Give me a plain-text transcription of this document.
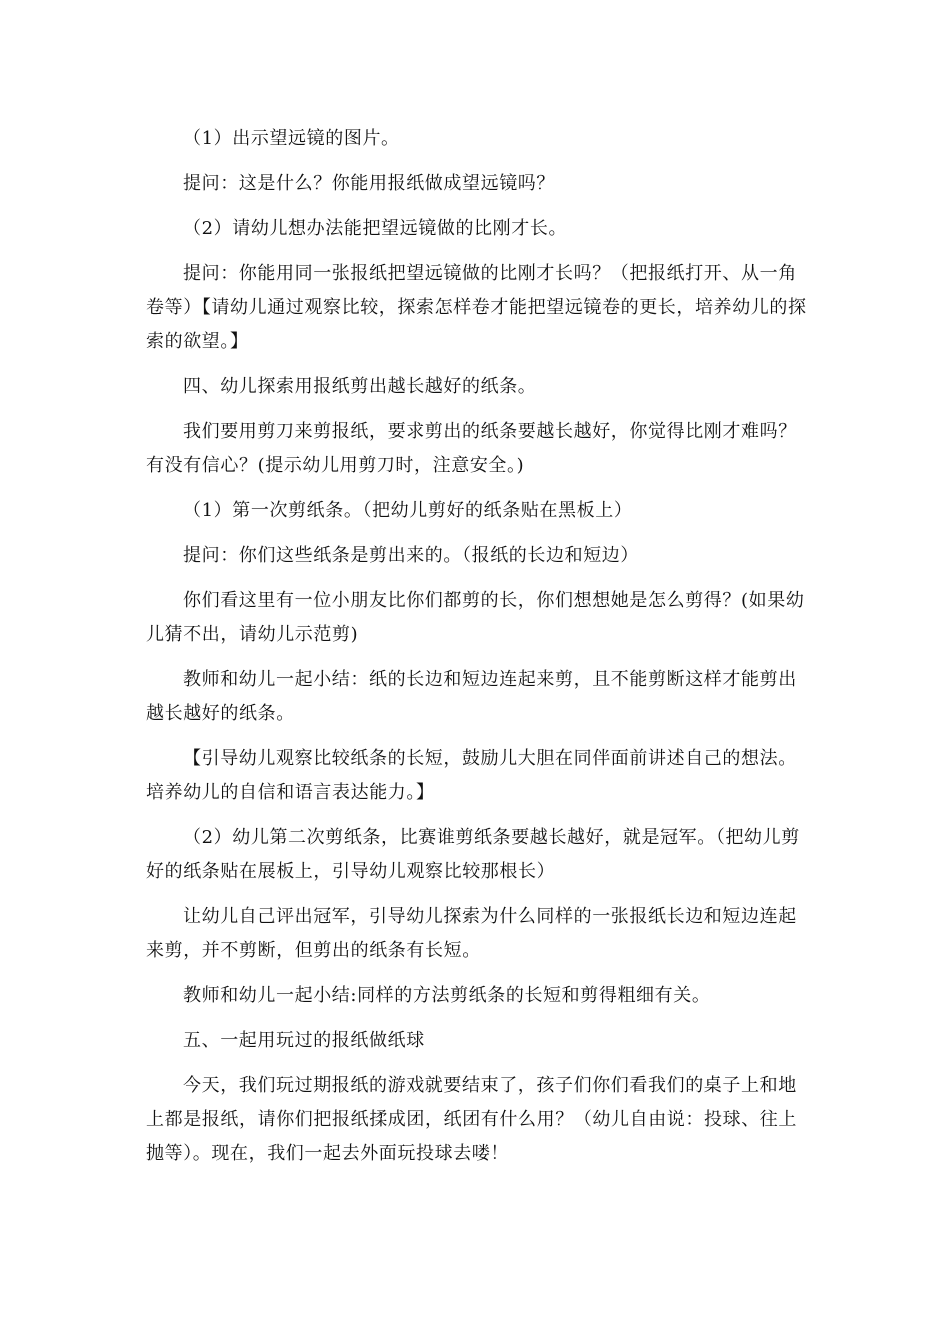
（1）出示望远镜的图片。

提问：这是什么？你能用报纸做成望远镜吗？

（2）请幼儿想办法能把望远镜做的比刚才长。

提问：你能用同一张报纸把望远镜做的比刚才长吗？（把报纸打开、从一角卷等）【请幼儿通过观察比较，探索怎样卷才能把望远镜卷的更长，培养幼儿的探索的欲望。】

四、幼儿探索用报纸剪出越长越好的纸条。

我们要用剪刀来剪报纸，要求剪出的纸条要越长越好，你觉得比刚才难吗？有没有信心？(提示幼儿用剪刀时，注意安全。)

（1）第一次剪纸条。（把幼儿剪好的纸条贴在黑板上）

提问：你们这些纸条是剪出来的。（报纸的长边和短边）

你们看这里有一位小朋友比你们都剪的长，你们想想她是怎么剪得？(如果幼儿猜不出，请幼儿示范剪)

教师和幼儿一起小结：纸的长边和短边连起来剪，且不能剪断这样才能剪出越长越好的纸条。

【引导幼儿观察比较纸条的长短，鼓励儿大胆在同伴面前讲述自己的想法。培养幼儿的自信和语言表达能力。】

（2）幼儿第二次剪纸条，比赛谁剪纸条要越长越好，就是冠军。（把幼儿剪好的纸条贴在展板上，引导幼儿观察比较那根长）

让幼儿自己评出冠军，引导幼儿探索为什么同样的一张报纸长边和短边连起来剪，并不剪断，但剪出的纸条有长短。

教师和幼儿一起小结:同样的方法剪纸条的长短和剪得粗细有关。

五、一起用玩过的报纸做纸球

今天，我们玩过期报纸的游戏就要结束了，孩子们你们看我们的桌子上和地上都是报纸，请你们把报纸揉成团，纸团有什么用？（幼儿自由说：投球、往上抛等）。现在，我们一起去外面玩投球去喽！
